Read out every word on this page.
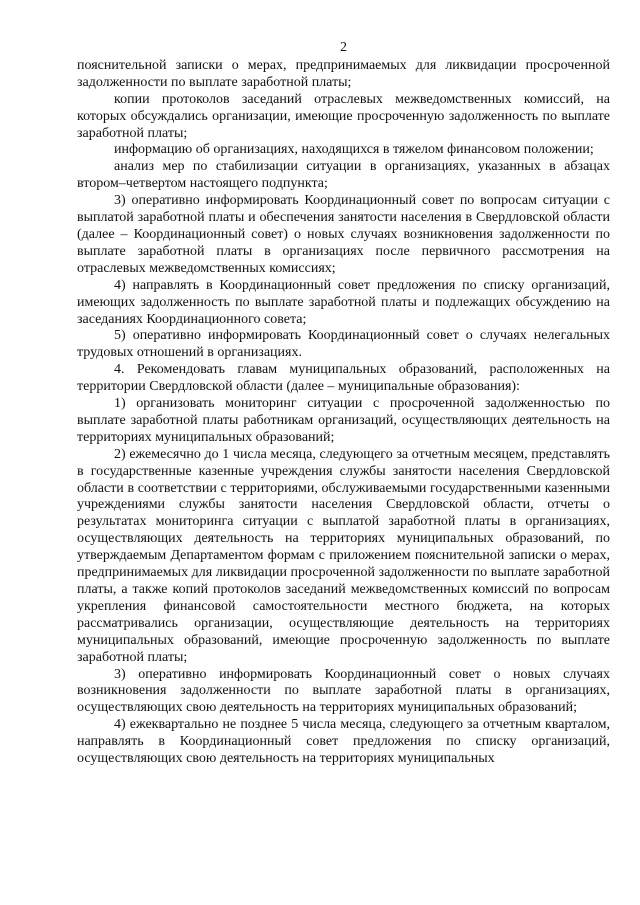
2

пояснительной записки о мерах, предпринимаемых для ликвидации просроченной задолженности по выплате заработной платы;

копии протоколов заседаний отраслевых межведомственных комиссий, на которых обсуждались организации, имеющие просроченную задолженность по выплате заработной платы;

информацию об организациях, находящихся в тяжелом финансовом положении;

анализ мер по стабилизации ситуации в организациях, указанных в абзацах втором–четвертом настоящего подпункта;

3) оперативно информировать Координационный совет по вопросам ситуации с выплатой заработной платы и обеспечения занятости населения в Свердловской области (далее – Координационный совет) о новых случаях возникновения задолженности по выплате заработной платы в организациях после первичного рассмотрения на отраслевых межведомственных комиссиях;

4) направлять в Координационный совет предложения по списку организаций, имеющих задолженность по выплате заработной платы и подлежащих обсуждению на заседаниях Координационного совета;

5) оперативно информировать Координационный совет о случаях нелегальных трудовых отношений в организациях.

4. Рекомендовать главам муниципальных образований, расположенных на территории Свердловской области (далее – муниципальные образования):

1) организовать мониторинг ситуации с просроченной задолженностью по выплате заработной платы работникам организаций, осуществляющих деятельность на территориях муниципальных образований;

2) ежемесячно до 1 числа месяца, следующего за отчетным месяцем, представлять в государственные казенные учреждения службы занятости населения Свердловской области в соответствии с территориями, обслуживаемыми государственными казенными учреждениями службы занятости населения Свердловской области, отчеты о результатах мониторинга ситуации с выплатой заработной платы в организациях, осуществляющих деятельность на территориях муниципальных образований, по утверждаемым Департаментом формам с приложением пояснительной записки о мерах, предпринимаемых для ликвидации просроченной задолженности по выплате заработной платы, а также копий протоколов заседаний межведомственных комиссий по вопросам укрепления финансовой самостоятельности местного бюджета, на которых рассматривались организации, осуществляющие деятельность на территориях муниципальных образований, имеющие просроченную задолженность по выплате заработной платы;

3) оперативно информировать Координационный совет о новых случаях возникновения задолженности по выплате заработной платы в организациях, осуществляющих свою деятельность на территориях муниципальных образований;

4) ежеквартально не позднее 5 числа месяца, следующего за отчетным кварталом, направлять в Координационный совет предложения по списку организаций, осуществляющих свою деятельность на территориях муниципальных
